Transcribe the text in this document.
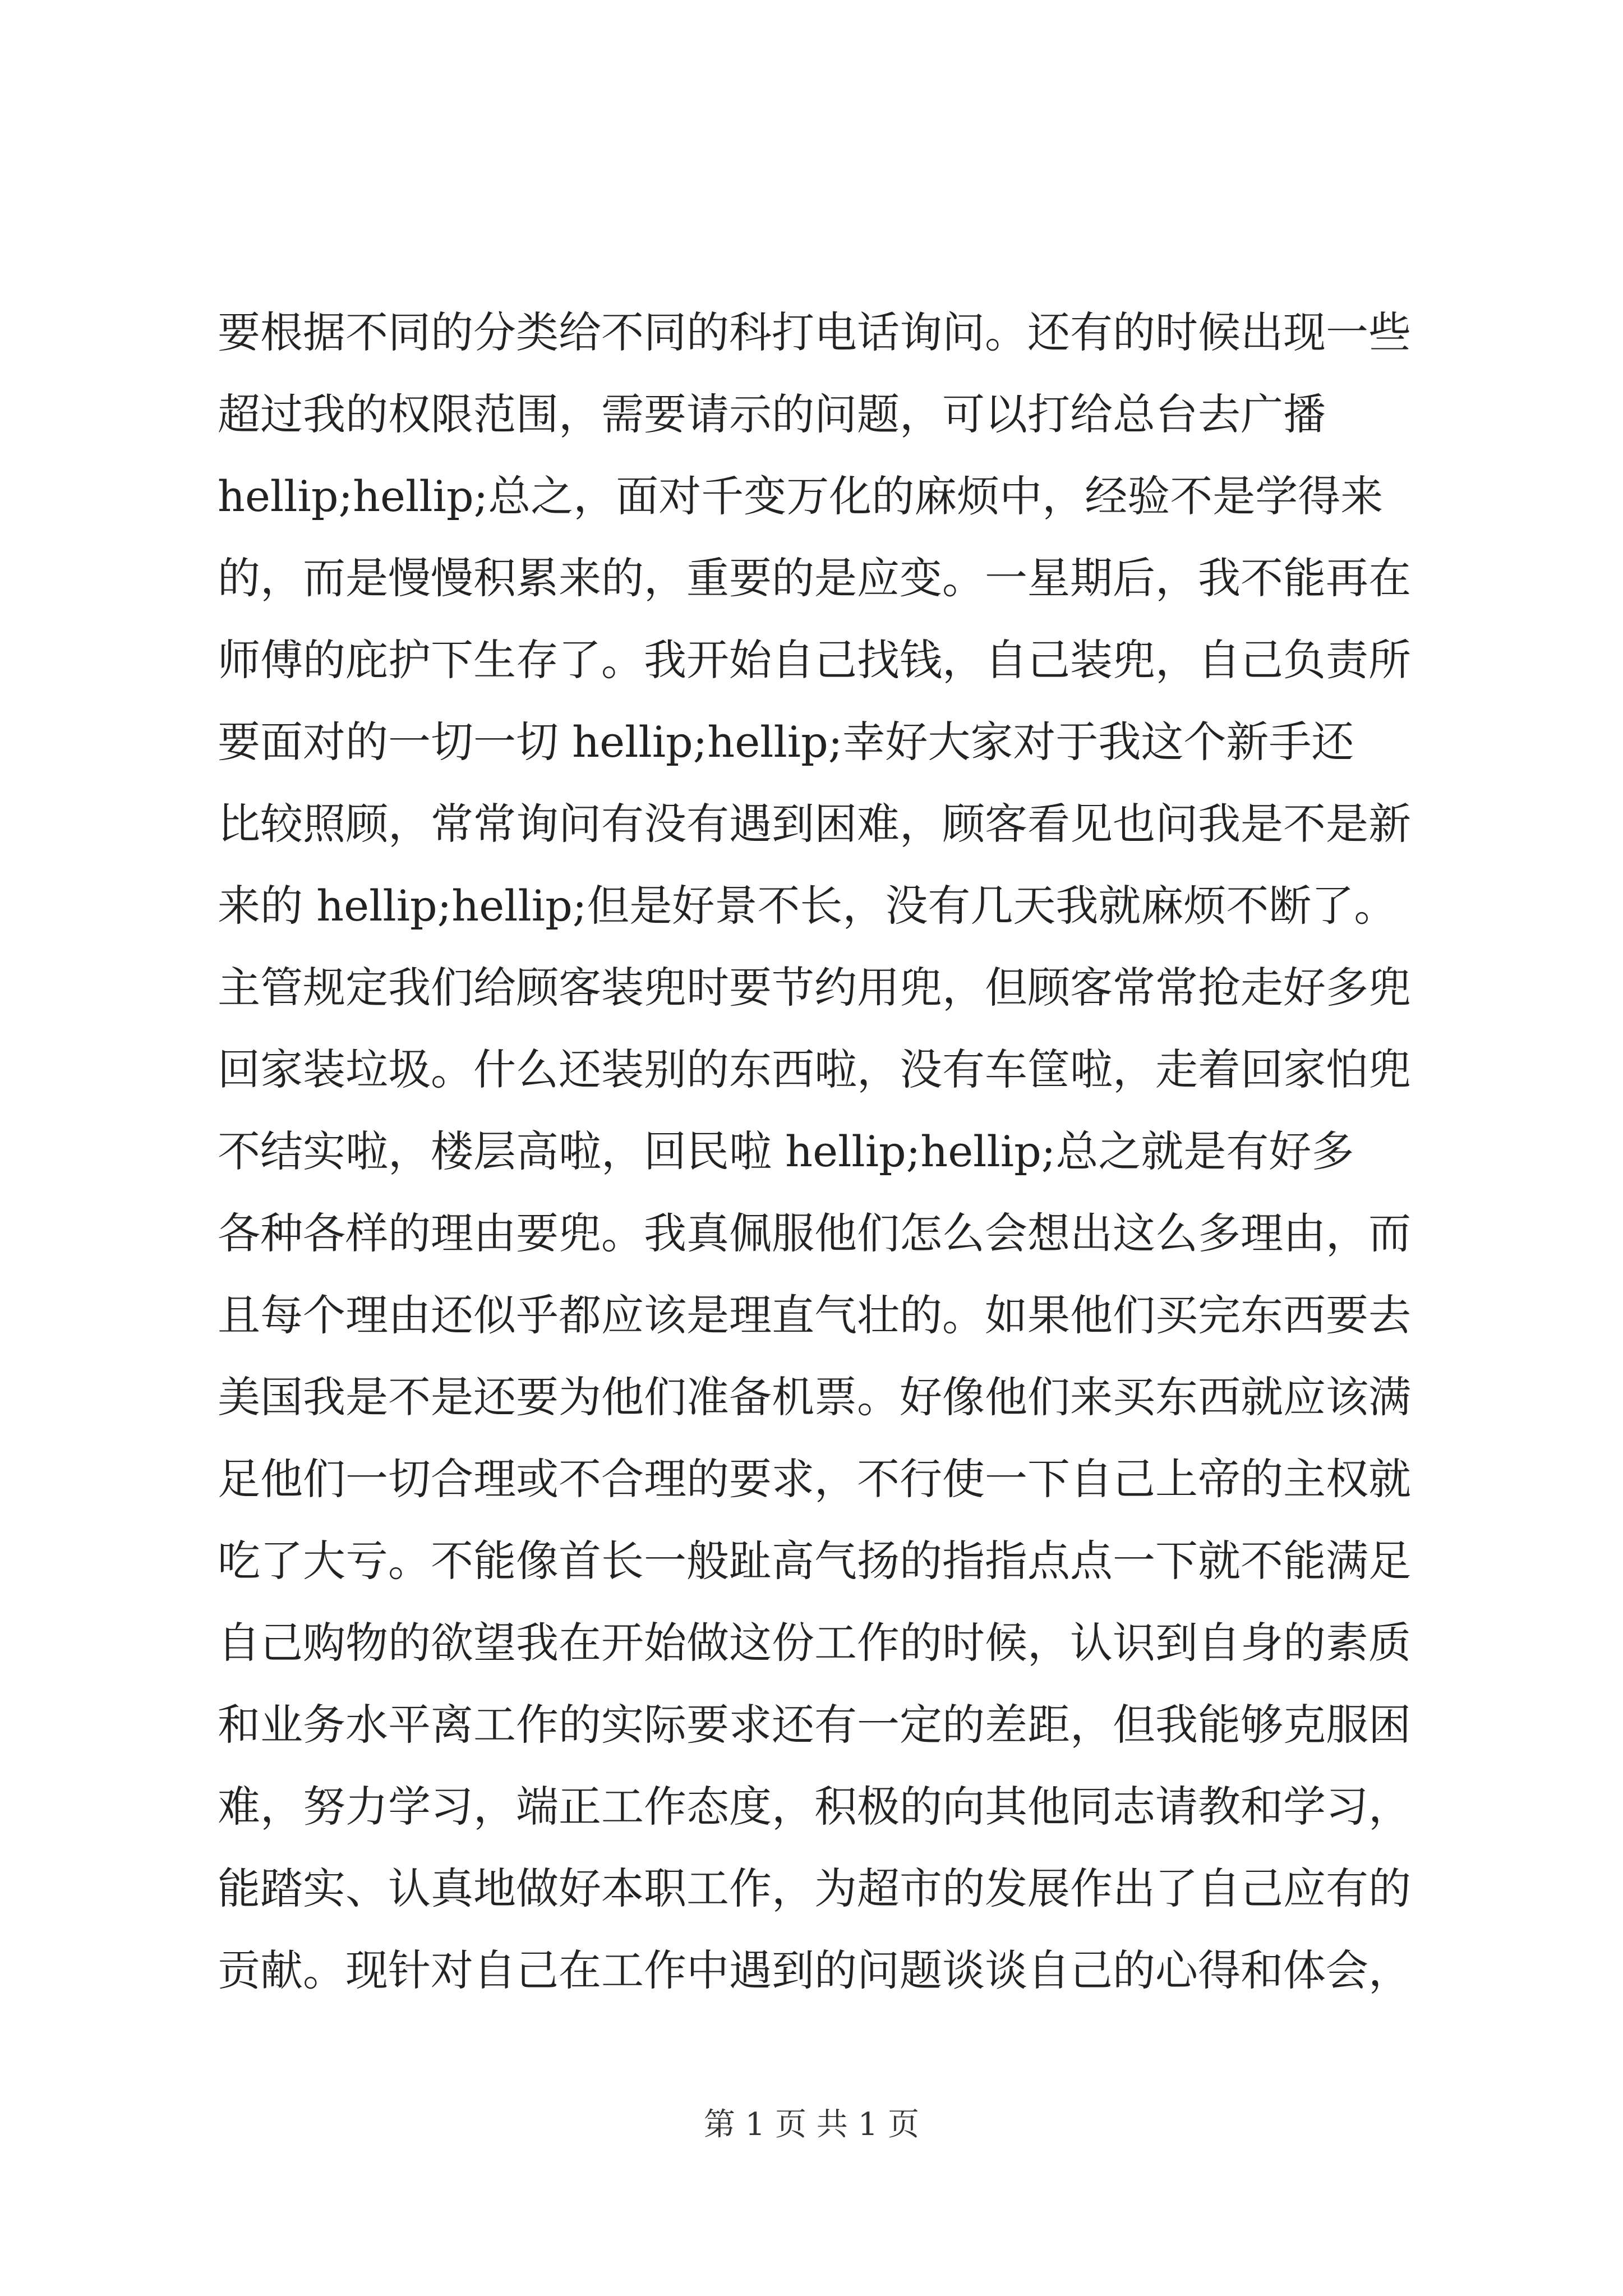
要根据不同的分类给不同的科打电话询问。还有的时候出现一些
超过我的权限范围，需要请示的问题，可以打给总台去广播
hellip;hellip;总之，面对千变万化的麻烦中，经验不是学得来
的，而是慢慢积累来的，重要的是应变。一星期后，我不能再在
师傅的庇护下生存了。我开始自己找钱，自己装兜，自己负责所
要面对的一切一切 hellip;hellip;幸好大家对于我这个新手还
比较照顾，常常询问有没有遇到困难，顾客看见也问我是不是新
来的 hellip;hellip;但是好景不长，没有几天我就麻烦不断了。
主管规定我们给顾客装兜时要节约用兜，但顾客常常抢走好多兜
回家装垃圾。什么还装别的东西啦，没有车筐啦，走着回家怕兜
不结实啦，楼层高啦，回民啦 hellip;hellip;总之就是有好多
各种各样的理由要兜。我真佩服他们怎么会想出这么多理由，而
且每个理由还似乎都应该是理直气壮的。如果他们买完东西要去
美国我是不是还要为他们准备机票。好像他们来买东西就应该满
足他们一切合理或不合理的要求，不行使一下自己上帝的主权就
吃了大亏。不能像首长一般趾高气扬的指指点点一下就不能满足
自己购物的欲望我在开始做这份工作的时候，认识到自身的素质
和业务水平离工作的实际要求还有一定的差距，但我能够克服困
难，努力学习，端正工作态度，积极的向其他同志请教和学习，
能踏实、认真地做好本职工作，为超市的发展作出了自己应有的
贡献。现针对自己在工作中遇到的问题谈谈自己的心得和体会，
第 1 页 共 1 页
